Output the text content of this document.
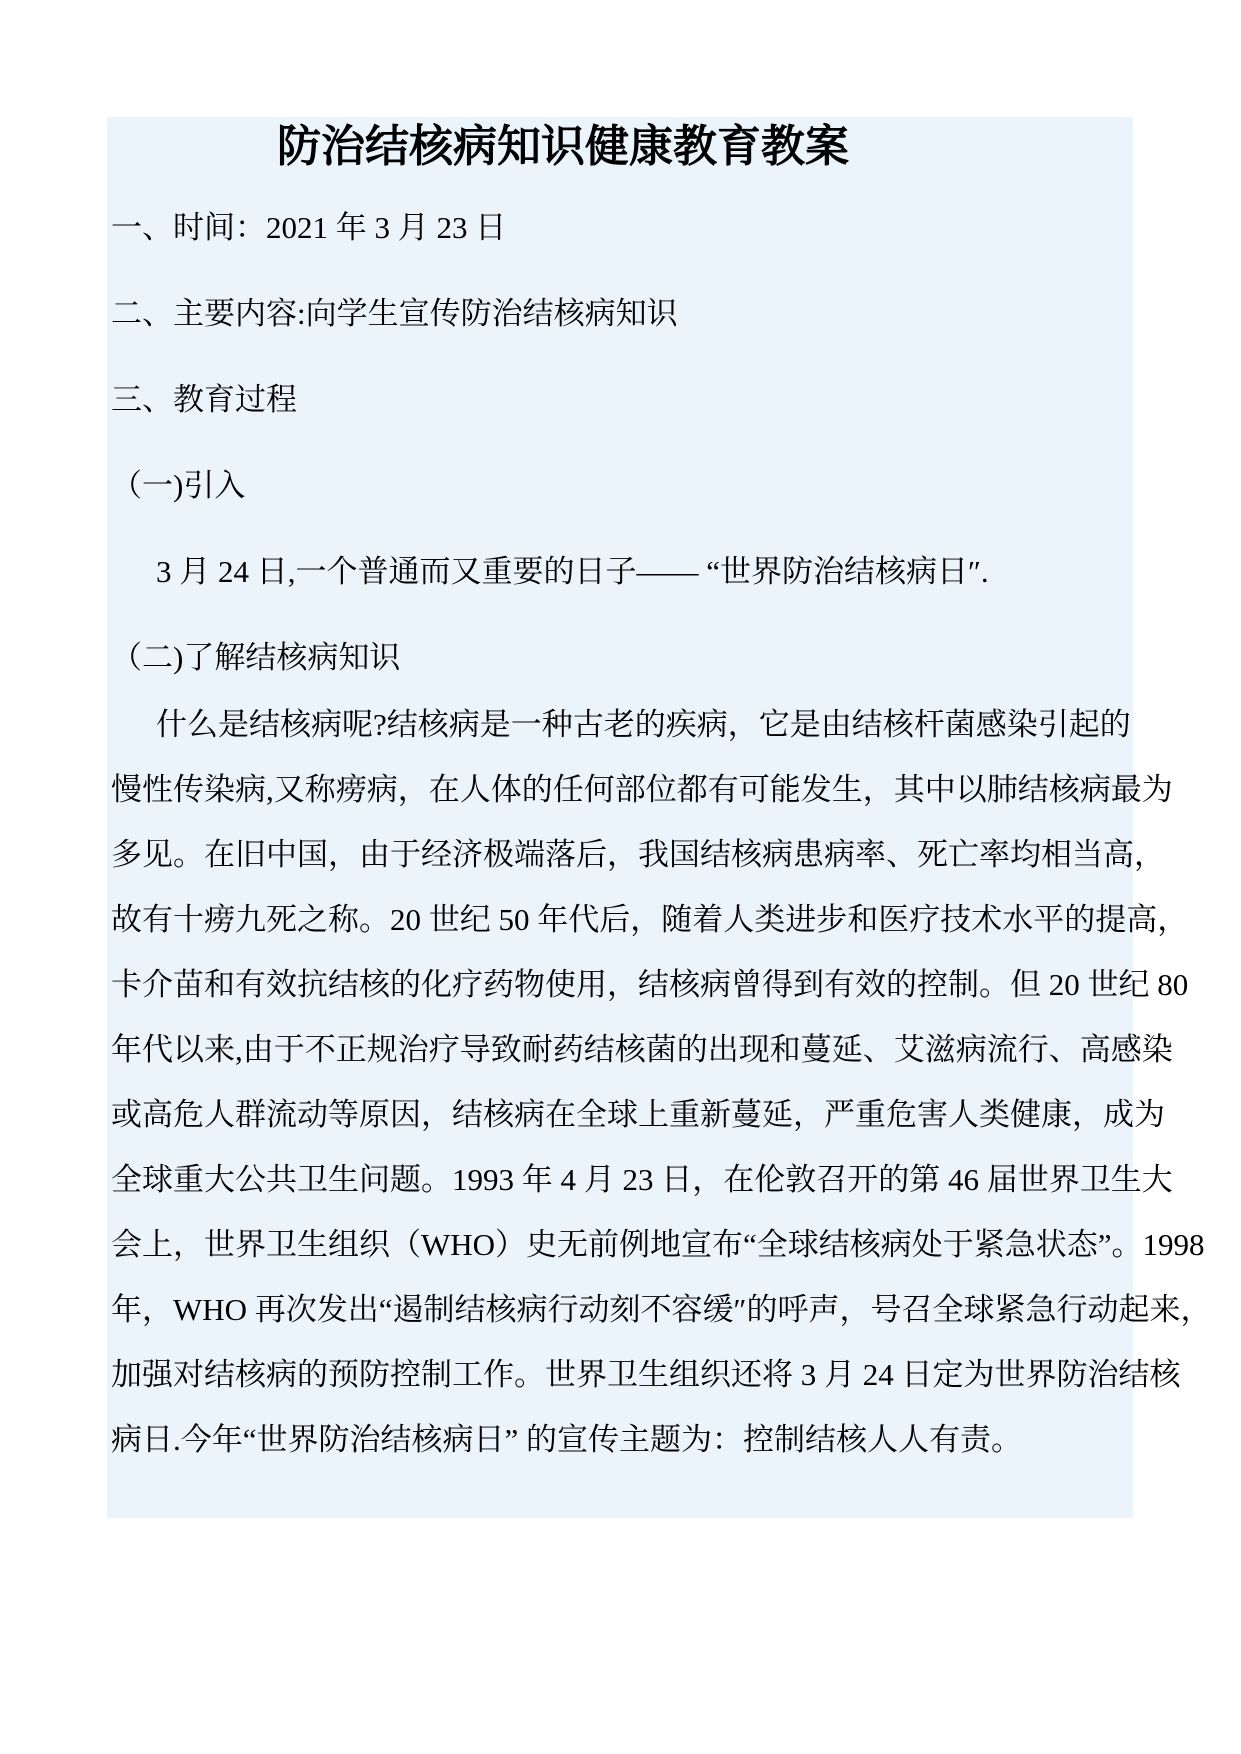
防治结核病知识健康教育教案

一、时间：2021 年 3 月 23 日

二、主要内容:向学生宣传防治结核病知识

三、教育过程

（一)引入

3 月 24 日,一个普通而又重要的日子—— “世界防治结核病日″.

（二)了解结核病知识

什么是结核病呢?结核病是一种古老的疾病，它是由结核杆菌感染引起的

慢性传染病,又称痨病，在人体的任何部位都有可能发生，其中以肺结核病最为

多见。在旧中国，由于经济极端落后，我国结核病患病率、死亡率均相当高，

故有十痨九死之称。20 世纪 50 年代后，随着人类进步和医疗技术水平的提高，

卡介苗和有效抗结核的化疗药物使用，结核病曾得到有效的控制。但 20 世纪 80

年代以来,由于不正规治疗导致耐药结核菌的出现和蔓延、艾滋病流行、高感染

或高危人群流动等原因，结核病在全球上重新蔓延，严重危害人类健康，成为

全球重大公共卫生问题。1993 年 4 月 23 日，在伦敦召开的第 46 届世界卫生大

会上，世界卫生组织（WHO）史无前例地宣布“全球结核病处于紧急状态”。1998

年，WHO 再次发出“遏制结核病行动刻不容缓″的呼声，号召全球紧急行动起来，

加强对结核病的预防控制工作。世界卫生组织还将 3 月 24 日定为世界防治结核

病日.今年“世界防治结核病日” 的宣传主题为：控制结核人人有责。
